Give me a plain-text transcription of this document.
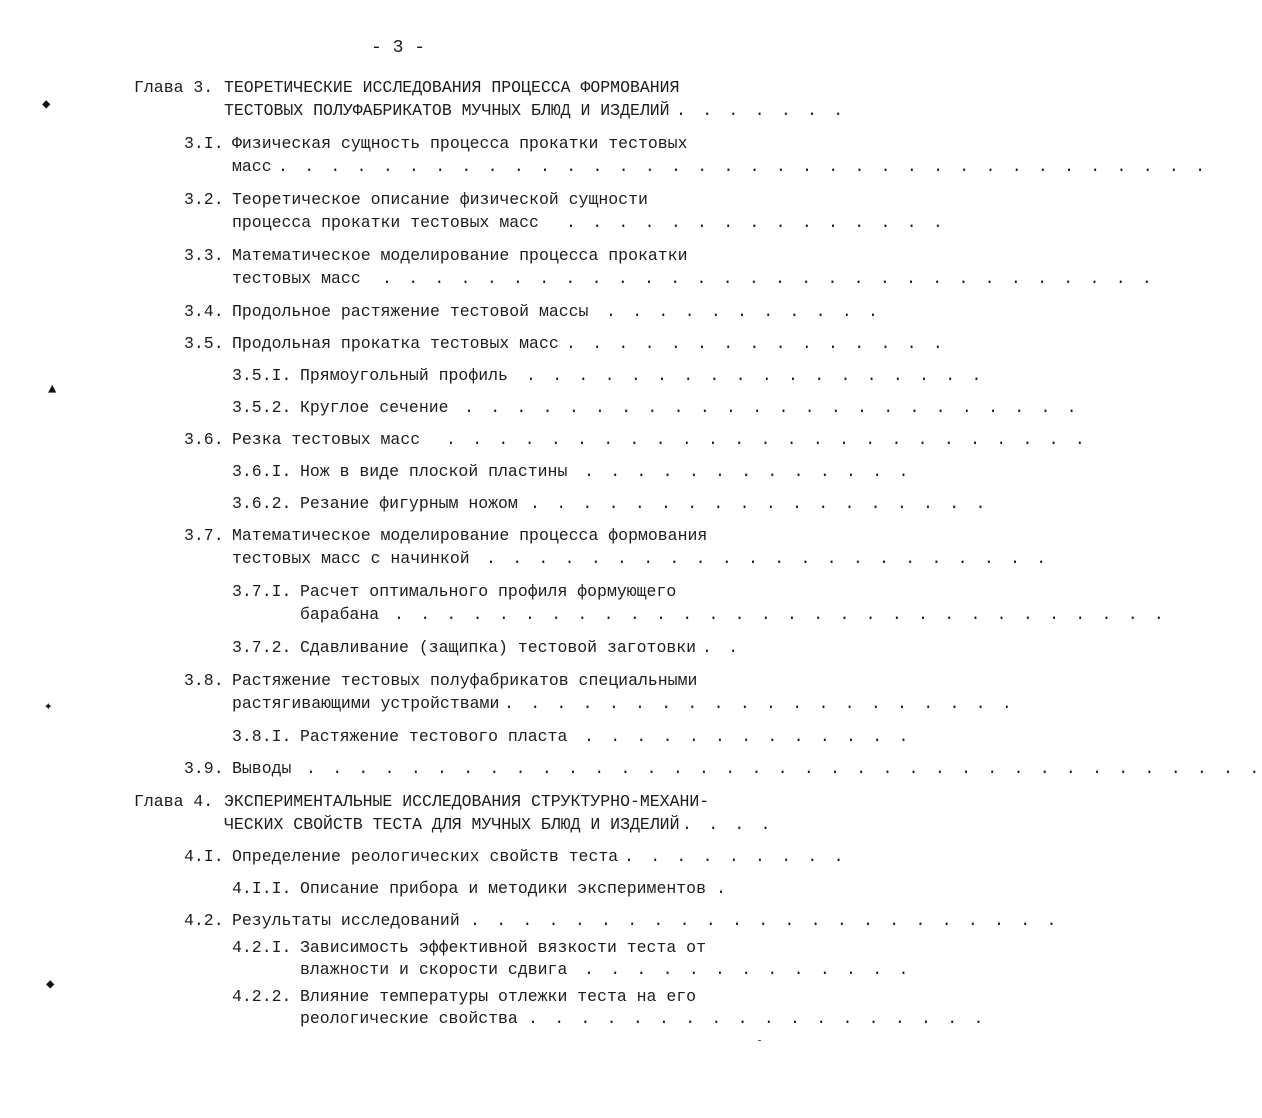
- 3 -
Глава 3. ТЕОРЕТИЧЕСКИЕ ИССЛЕДОВАНИЯ ПРОЦЕССА ФОРМОВАНИЯ
ТЕСТОВЫХ ПОЛУФАБРИКАТОВ МУЧНЫХ БЛЮД И ИЗДЕЛИЙ . . . . . . .
3.I. Физическая сущность процесса прокатки тестовых
масс . . . . . . . . . . . . . . . . . . . . . . . . . . . . . . . . . . . .
3.2. Теоретическое описание физической сущности
процесса прокатки тестовых масс . . . . . . . . . . . . . . .
3.3. Математическое моделирование процесса прокатки
тестовых масс . . . . . . . . . . . . . . . . . . . . . . . . . . . . . .
3.4. Продольное растяжение тестовой массы . . . . . . . . . . .
3.5. Продольная прокатка тестовых масс . . . . . . . . . . . . . . .
3.5.I. Прямоугольный профиль . . . . . . . . . . . . . . . . . .
3.5.2. Круглое сечение . . . . . . . . . . . . . . . . . . . . . . . .
3.6. Резка тестовых масс . . . . . . . . . . . . . . . . . . . . . . . . .
3.6.I. Нож в виде плоской пластины . . . . . . . . . . . . .
3.6.2. Резание фигурным ножом . . . . . . . . . . . . . . . . . .
3.7. Математическое моделирование процесса формования
тестовых масс с начинкой . . . . . . . . . . . . . . . . . . . . . .
3.7.I. Расчет оптимального профиля формующего
барабана . . . . . . . . . . . . . . . . . . . . . . . . . . . . . .
3.7.2. Сдавливание (защипка) тестовой заготовки . .
3.8. Растяжение тестовых полуфабрикатов специальными
растягивающими устройствами . . . . . . . . . . . . . . . . . . . .
3.8.I. Растяжение тестового пласта . . . . . . . . . . . . .
3.9. Выводы . . . . . . . . . . . . . . . . . . . . . . . . . . . . . . . . . . . . .
Глава 4. ЭКСПЕРИМЕНТАЛЬНЫЕ ИССЛЕДОВАНИЯ СТРУКТУРНО-МЕХАНИ-
ЧЕСКИХ СВОЙСТВ ТЕСТА ДЛЯ МУЧНЫХ БЛЮД И ИЗДЕЛИЙ . . . .
4.I. Определение реологических свойств теста . . . . . . . . .
4.I.I. Описание прибора и методики экспериментов .
4.2. Результаты исследований . . . . . . . . . . . . . . . . . . . . . . .
4.2.I. Зависимость эффективной вязкости теста от
влажности и скорости сдвига . . . . . . . . . . . . .
4.2.2. Влияние температуры отлежки теста на его
реологические свойства . . . . . . . . . . . . . . . . . .
◆
▲
✦
◆
